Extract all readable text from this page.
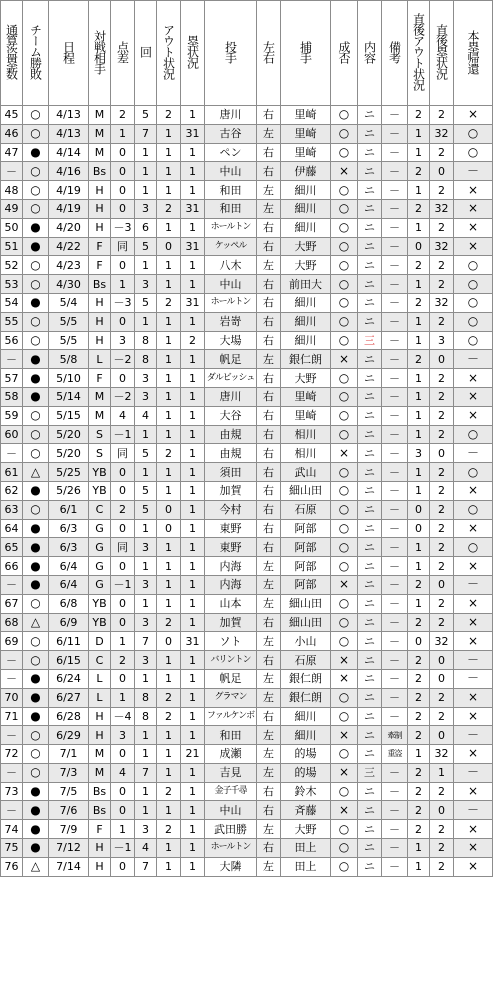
通算盗塁数	チーム勝敗	日程	対戦相手	点差	回	アウト状況	塁状況	投手	左右	捕手	成否	内容	備考	直後アウト状況	直後塁状況	本塁帰還
45	○	4/13	M	2	5	2	1	唐川	右	里崎	○	ニ	－	2	2	×
46	○	4/13	M	1	7	1	31	古谷	左	里崎	○	ニ	－	1	32	○
47	●	4/14	M	0	1	1	1	ペン	右	里崎	○	ニ	－	1	2	○
－	○	4/16	Bs	0	1	1	1	中山	右	伊藤	×	ニ	－	2	0	－
48	○	4/19	H	0	1	1	1	和田	左	細川	○	ニ	－	1	2	×
49	○	4/19	H	0	3	2	31	和田	左	細川	○	ニ	－	2	32	×
50	●	4/20	H	－3	6	1	1	ホールトン	右	細川	○	ニ	－	1	2	×
51	●	4/22	F	同	5	0	31	ケッペル	右	大野	○	ニ	－	0	32	×
52	○	4/23	F	0	1	1	1	八木	左	大野	○	ニ	－	2	2	○
53	○	4/30	Bs	1	3	1	1	中山	右	前田大	○	ニ	－	1	2	○
54	●	5/4	H	－3	5	2	31	ホールトン	右	細川	○	ニ	－	2	32	○
55	○	5/5	H	0	1	1	1	岩嵜	右	細川	○	ニ	－	1	2	○
56	○	5/5	H	3	8	1	2	大場	右	細川	○	三	－	1	3	○
－	●	5/8	L	－2	8	1	1	帆足	左	銀仁朗	×	ニ	－	2	0	－
57	●	5/10	F	0	3	1	1	ダルビッシュ	右	大野	○	ニ	－	1	2	×
58	●	5/14	M	－2	3	1	1	唐川	右	里崎	○	ニ	－	1	2	×
59	○	5/15	M	4	4	1	1	大谷	右	里崎	○	ニ	－	1	2	×
60	○	5/20	S	－1	1	1	1	由規	右	相川	○	ニ	－	1	2	○
－	○	5/20	S	同	5	2	1	由規	右	相川	×	ニ	－	3	0	－
61	△	5/25	YB	0	1	1	1	須田	右	武山	○	ニ	－	1	2	○
62	●	5/26	YB	0	5	1	1	加賀	右	細山田	○	ニ	－	1	2	×
63	○	6/1	C	2	5	0	1	今村	右	石原	○	ニ	－	0	2	○
64	●	6/3	G	0	1	0	1	東野	右	阿部	○	ニ	－	0	2	×
65	●	6/3	G	同	3	1	1	東野	右	阿部	○	ニ	－	1	2	○
66	●	6/4	G	0	1	1	1	内海	左	阿部	○	ニ	－	1	2	×
－	●	6/4	G	－1	3	1	1	内海	左	阿部	×	ニ	－	2	0	－
67	○	6/8	YB	0	1	1	1	山本	左	細山田	○	ニ	－	1	2	×
68	△	6/9	YB	0	3	2	1	加賀	右	細山田	○	ニ	－	2	2	×
69	○	6/11	D	1	7	0	31	ソト	左	小山	○	ニ	－	0	32	×
－	○	6/15	C	2	3	1	1	バリントン	右	石原	×	ニ	－	2	0	－
－	●	6/24	L	0	1	1	1	帆足	左	銀仁朗	×	ニ	－	2	0	－
70	●	6/27	L	1	8	2	1	グラマン	左	銀仁朗	○	ニ	－	2	2	×
71	●	6/28	H	－4	8	2	1	ファルケンボ	右	細川	○	ニ	－	2	2	×
－	○	6/29	H	3	1	1	1	和田	左	細川	×	ニ	牽制	2	0	－
72	○	7/1	M	0	1	1	21	成瀬	左	的場	○	ニ	重盗	1	32	×
－	○	7/3	M	4	7	1	1	吉見	左	的場	×	三	－	2	1	－
73	●	7/5	Bs	0	1	2	1	金子千尋	右	鈴木	○	ニ	－	2	2	×
－	●	7/6	Bs	0	1	1	1	中山	右	斉藤	×	ニ	－	2	0	－
74	●	7/9	F	1	3	2	1	武田勝	左	大野	○	ニ	－	2	2	×
75	●	7/12	H	－1	4	1	1	ホールトン	右	田上	○	ニ	－	1	2	×
76	△	7/14	H	0	7	1	1	大隣	左	田上	○	ニ	－	1	2	×
